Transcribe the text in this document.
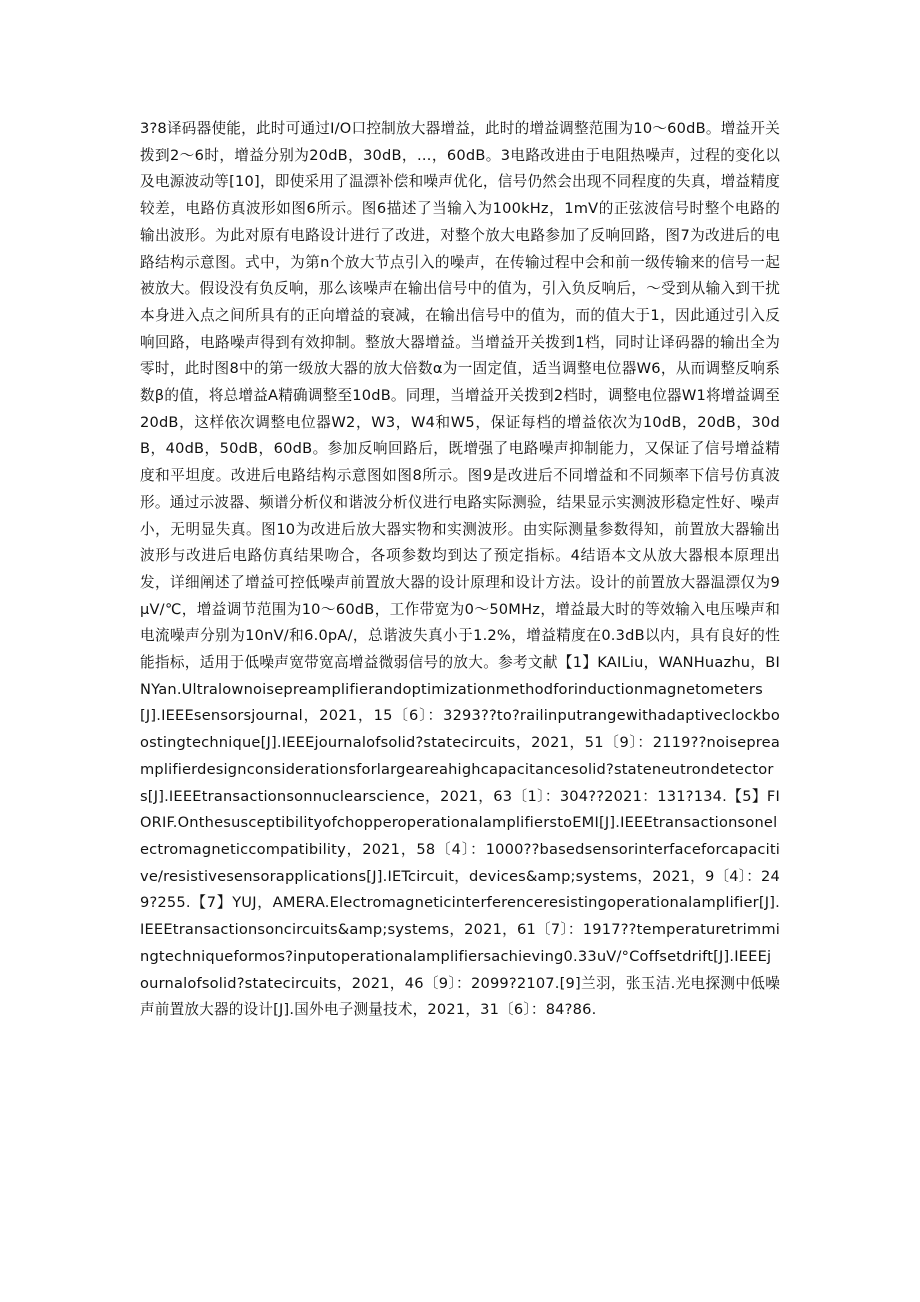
3?8译码器使能，此时可通过I/O口控制放大器增益，此时的增益调整范围为10～60dB。增益开关拨到2～6时，增益分别为20dB，30dB，…，60dB。3电路改进由于电阻热噪声，过程的变化以及电源波动等[10]，即使采用了温漂补偿和噪声优化，信号仍然会出现不同程度的失真，增益精度较差，电路仿真波形如图6所示。图6描述了当输入为100kHz，1mV的正弦波信号时整个电路的输出波形。为此对原有电路设计进行了改进，对整个放大电路参加了反响回路，图7为改进后的电路结构示意图。式中，为第n个放大节点引入的噪声，在传输过程中会和前一级传输来的信号一起被放大。假设没有负反响，那么该噪声在输出信号中的值为，引入负反响后，～受到从输入到干扰本身进入点之间所具有的正向增益的衰减，在输出信号中的值为，而的值大于1，因此通过引入反响回路，电路噪声得到有效抑制。整放大器增益。当增益开关拨到1档，同时让译码器的输出全为零时，此时图8中的第一级放大器的放大倍数α为一固定值，适当调整电位器W6，从而调整反响系数β的值，将总增益A精确调整至10dB。同理，当增益开关拨到2档时，调整电位器W1将增益调至20dB，这样依次调整电位器W2，W3，W4和W5，保证每档的增益依次为10dB，20dB，30dB，40dB，50dB，60dB。参加反响回路后，既增强了电路噪声抑制能力，又保证了信号增益精度和平坦度。改进后电路结构示意图如图8所示。图9是改进后不同增益和不同频率下信号仿真波形。通过示波器、频谱分析仪和谐波分析仪进行电路实际测验，结果显示实测波形稳定性好、噪声小，无明显失真。图10为改进后放大器实物和实测波形。由实际测量参数得知，前置放大器输出波形与改进后电路仿真结果吻合，各项参数均到达了预定指标。4结语本文从放大器根本原理出发，详细阐述了增益可控低噪声前置放大器的设计原理和设计方法。设计的前置放大器温漂仅为9μV/℃，增益调节范围为10～60dB，工作带宽为0～50MHz，增益最大时的等效输入电压噪声和电流噪声分别为10nV/和6.0pA/，总谐波失真小于1.2%，增益精度在0.3dB以内，具有良好的性能指标，适用于低噪声宽带宽高增益微弱信号的放大。参考文献【1】KAILiu，WANHuazhu，BINYan.Ultralownoisepreamplifierandoptimizationmethodforinductionmagnetometers[J].IEEEsensorsjournal，2021，15〔6〕：3293??to?railinputrangewithadaptiveclockboostingtechnique[J].IEEEjournalofsolid?statecircuits，2021，51〔9〕：2119??noisepreamplifierdesignconsiderationsforlargeareahighcapacitancesolid?stateneutrondetectors[J].IEEEtransactionsonnuclearscience，2021，63〔1〕：304??2021：131?134.【5】FIORIF.OnthesusceptibilityofchopperoperationalamplifierstoEMI[J].IEEEtransactionsonelectromagneticcompatibility，2021，58〔4〕：1000??basedsensorinterfaceforcapacitive/resistivesensorapplications[J].IETcircuit，devices&amp;systems，2021，9〔4〕：249?255.【7】YUJ，AMERA.Electromagneticinterferenceresistingoperationalamplifier[J].IEEEtransactionsoncircuits&amp;systems，2021，61〔7〕：1917??temperaturetrimmingtechniqueformos?inputoperationalamplifiersachieving0.33uV/°Coffsetdrift[J].IEEEjournalofsolid?statecircuits，2021，46〔9〕：2099?2107.[9]兰羽，张玉洁.光电探测中低噪声前置放大器的设计[J].国外电子测量技术，2021，31〔6〕：84?86.
